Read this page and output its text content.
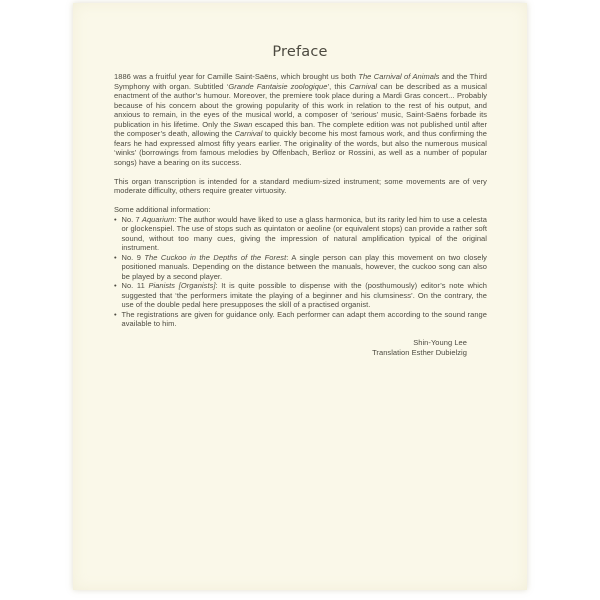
Preface

1886 was a fruitful year for Camille Saint-Saëns, which brought us both The Carnival of Animals and the Third Symphony with organ. Subtitled ‘Grande Fantaisie zoologique’, this Carnival can be described as a musical enactment of the author’s humour. Moreover, the premiere took place during a Mardi Gras concert... Probably because of his concern about the growing popularity of this work in relation to the rest of his output, and anxious to remain, in the eyes of the musical world, a composer of ‘serious’ music, Saint-Saëns forbade its publication in his lifetime. Only the Swan escaped this ban. The complete edition was not published until after the composer’s death, allowing the Carnival to quickly become his most famous work, and thus confirming the fears he had expressed almost fifty years earlier. The originality of the words, but also the numerous musical ‘winks’ (borrowings from famous melodies by Offenbach, Berlioz or Rossini, as well as a number of popular songs) have a bearing on its success.

This organ transcription is intended for a standard medium-sized instrument; some movements are of very moderate difficulty, others require greater virtuosity.

Some additional information:

• No. 7 Aquarium: The author would have liked to use a glass harmonica, but its rarity led him to use a celesta or glockenspiel. The use of stops such as quintaton or aeoline (or equivalent stops) can provide a rather soft sound, without too many cues, giving the impression of natural amplification typical of the original instrument.
• No. 9 The Cuckoo in the Depths of the Forest: A single person can play this movement on two closely positioned manuals. Depending on the distance between the manuals, however, the cuckoo song can also be played by a second player.
• No. 11 Pianists [Organists]: It is quite possible to dispense with the (posthumously) editor’s note which suggested that ‘the performers imitate the playing of a beginner and his clumsiness’. On the contrary, the use of the double pedal here presupposes the skill of a practised organist.
• The registrations are given for guidance only. Each performer can adapt them according to the sound range available to him.
Shin-Young Lee
Translation Esther Dubielzig
